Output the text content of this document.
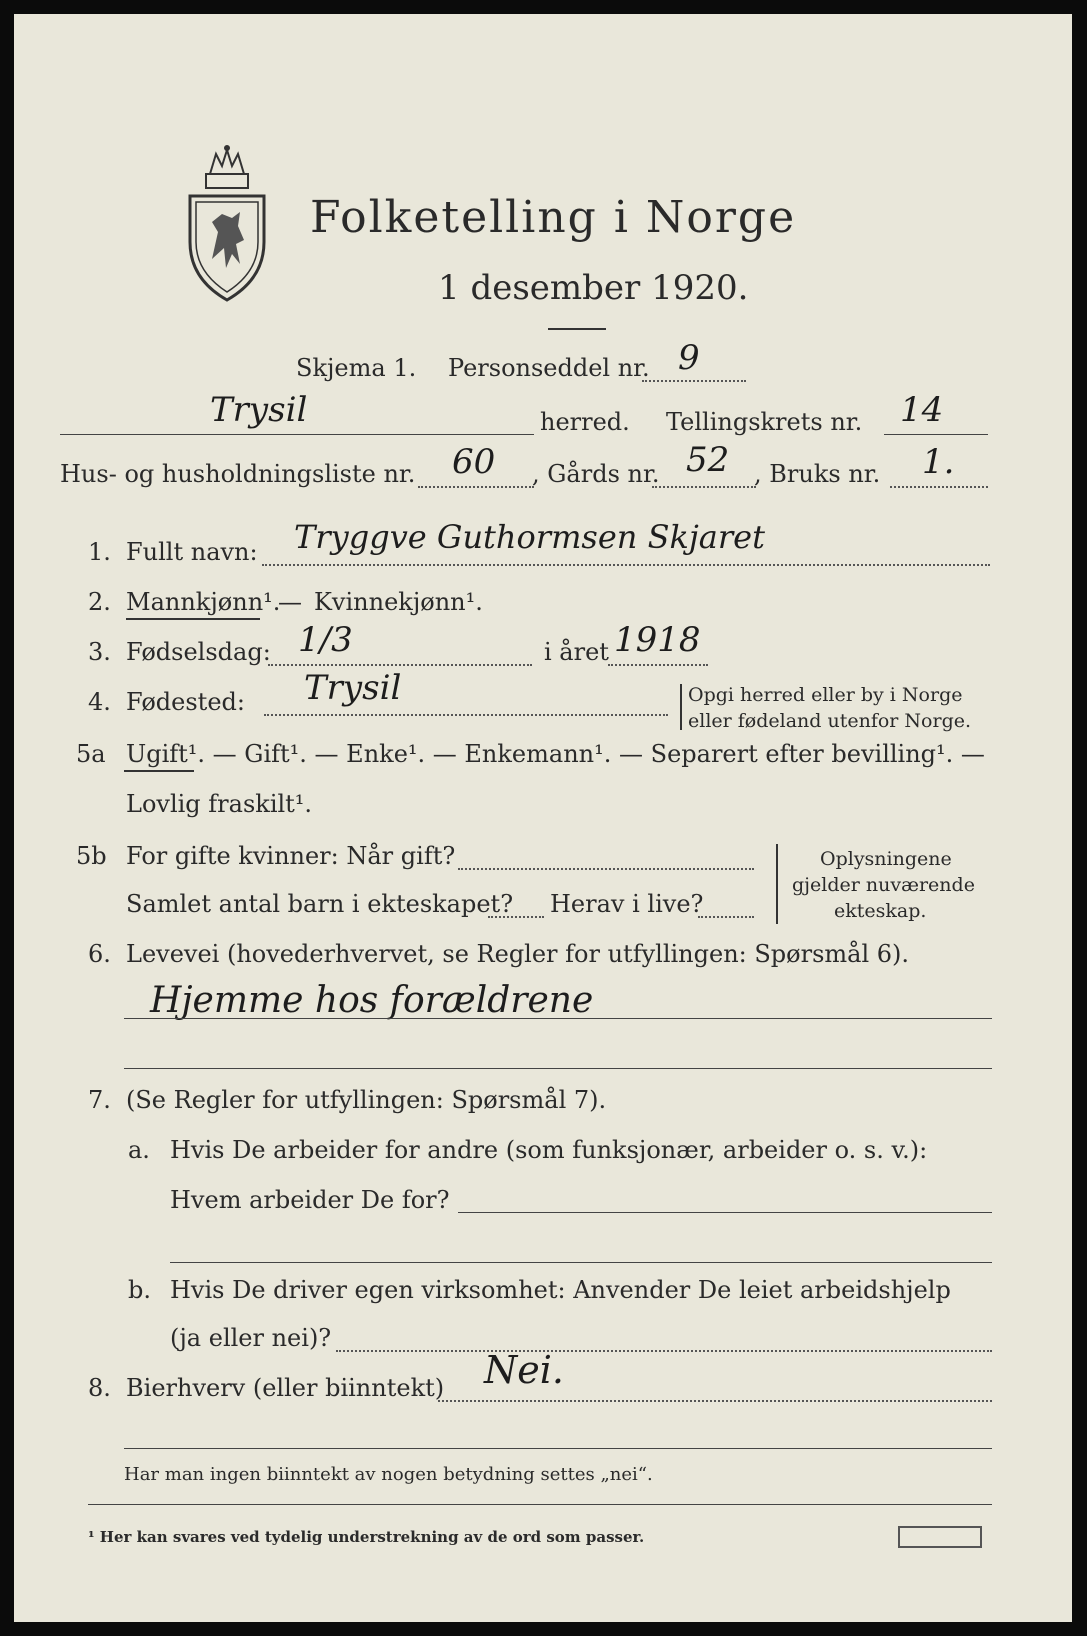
Folketelling i Norge
1 desember 1920.
Skjema 1. Personseddel nr. 9
Trysil	herred. Tellingskrets nr. 14
Hus- og husholdningsliste nr. 60 , Gårds nr. 52 , Bruks nr. 1.
1. Fullt navn: Tryggve Guthormsen Skjaret
2. Mannkjønn¹.
— Kvinnekjønn¹.
3. Fødselsdag: 1/3	i året 1918
4. Fødested: Trysil	Opgi herred eller by i Norge
eller fødeland utenfor Norge.
5a Ugift¹. — Gift¹. — Enke¹. — Enkemann¹. — Separert efter bevilling¹. —
Lovlig fraskilt¹.
5b For gifte kvinner: Når gift?
Samlet antal barn i ekteskapet? Herav i live?
Oplysningene
gjelder nuværende
ekteskap.
6. Levevei (hovederhvervet, se Regler for utfyllingen: Spørsmål 6).
Hjemme hos forældrene
7. (Se Regler for utfyllingen: Spørsmål 7).
a. Hvis De arbeider for andre (som funksjonær, arbeider o. s. v.):
Hvem arbeider De for?
b. Hvis De driver egen virksomhet: Anvender De leiet arbeidshjelp
(ja eller nei)?
8. Bierhverv (eller biinntekt) Nei.
Har man ingen biinntekt av nogen betydning settes „nei“.
¹ Her kan svares ved tydelig understrekning av de ord som passer.
